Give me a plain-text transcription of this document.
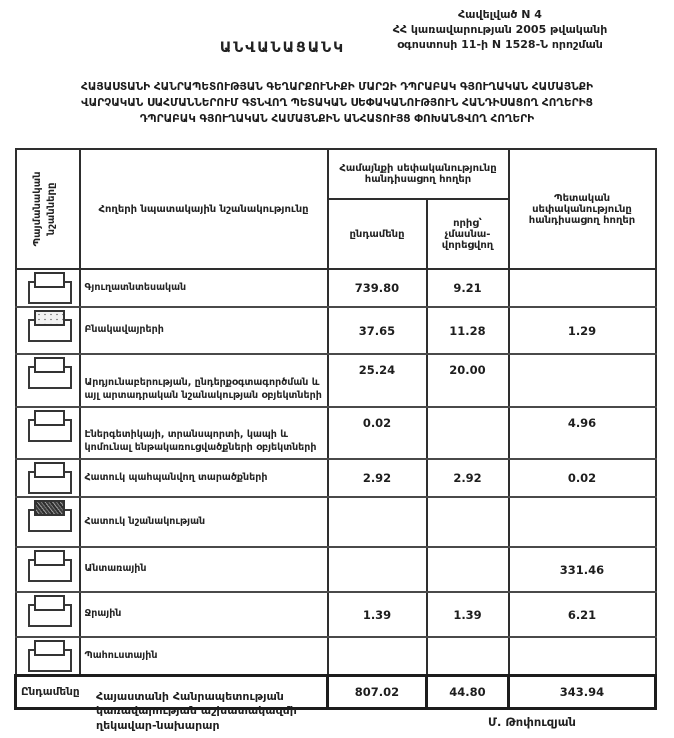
Հավելված N 4
ՀՀ կառավարության 2005 թվականի
օգոստոսի 11-ի N 1528-Ն որոշման
ԱՆՎԱՆԱՑԱՆԿ
ՀԱՅԱՍՏԱՆԻ ՀԱՆՐԱՊԵՏՈՒԹՅԱՆ ԳԵՂԱՐՔՈՒՆԻՔԻ ՄԱՐԶԻ ԴՊՐԱԲԱԿ ԳՅՈՒՂԱԿԱՆ ՀԱՄԱՅՆՔԻ
ՎԱՐՉԱԿԱՆ ՍԱՀՄԱՆՆԵՐՈՒՄ ԳՏՆՎՈՂ ՊԵՏԱԿԱՆ ՍԵՓԱԿԱՆՈՒԹՅՈՒՆ ՀԱՆԴԻՍԱՑՈՂ ՀՈՂԵՐԻՑ
ԴՊՐԱԲԱԿ ԳՅՈՒՂԱԿԱՆ ՀԱՄԱՅՆՔԻՆ ԱՆՀԱՏՈՒՅՑ ՓՈԽԱՆՑՎՈՂ ՀՈՂԵՐԻ
Պայմանական նշանները	Հողերի նպատակային նշանակությունը	Համայնքի սեփականությունը հանդիսացող հողեր		Պետական սեփականությունը հանդիսացող հողեր
		ընդամենը	որից՝ չմասնա-վորեցվող	

	Գյուղատնտեսական	739.80	9.21	

	Բնակավայրերի	37.65	11.28	1.29

	Արդյունաբերության, ընդերքօգտագործման և այլ արտադրական նշանակության օբյեկտների	25.24	20.00	

	Էներգետիկայի, տրանսպորտի, կապի և կոմունալ ենթակառուցվածքների օբյեկտների	0.02		4.96

	Հատուկ պահպանվող տարածքների	2.92	2.92	0.02

	Հատուկ նշանակության			

	Անտառային			331.46

	Ջրային	1.39	1.39	6.21

	Պահուստային			
Ընդամենը		807.02	44.80	343.94
Հայաստանի Հանրապետության
կառավարության աշխատակազմի
ղեկավար-նախարար	Մ. Թոփուզյան
